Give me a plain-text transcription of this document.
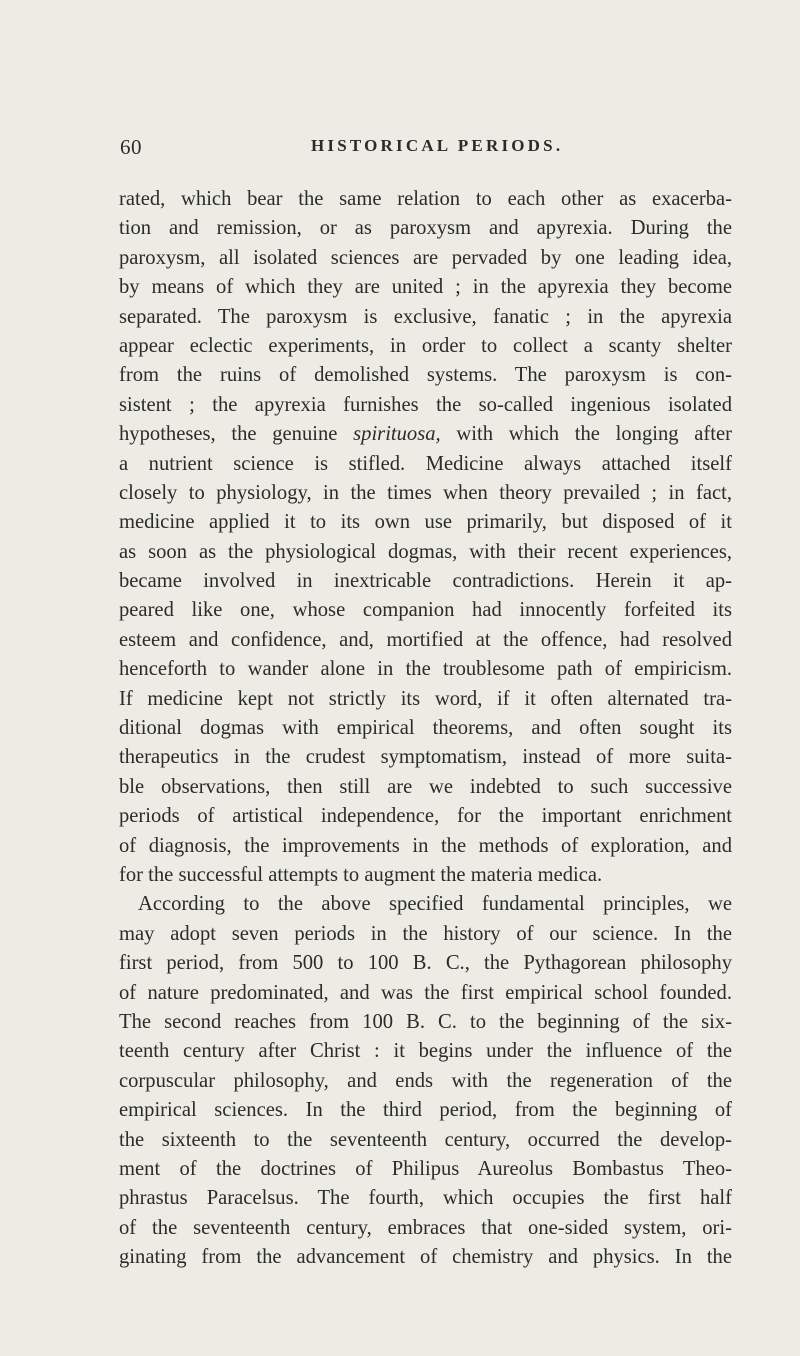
60	HISTORICAL PERIODS.
rated, which bear the same relation to each other as exacerba-
tion and remission, or as paroxysm and apyrexia. During the
paroxysm, all isolated sciences are pervaded by one leading idea,
by means of which they are united ; in the apyrexia they become
separated. The paroxysm is exclusive, fanatic ; in the apyrexia
appear eclectic experiments, in order to collect a scanty shelter
from the ruins of demolished systems. The paroxysm is con-
sistent ; the apyrexia furnishes the so-called ingenious isolated
hypotheses, the genuine spirituosa, with which the longing after
a nutrient science is stifled. Medicine always attached itself
closely to physiology, in the times when theory prevailed ; in fact,
medicine applied it to its own use primarily, but disposed of it
as soon as the physiological dogmas, with their recent experiences,
became involved in inextricable contradictions. Herein it ap-
peared like one, whose companion had innocently forfeited its
esteem and confidence, and, mortified at the offence, had resolved
henceforth to wander alone in the troublesome path of empiricism.
If medicine kept not strictly its word, if it often alternated tra-
ditional dogmas with empirical theorems, and often sought its
therapeutics in the crudest symptomatism, instead of more suita-
ble observations, then still are we indebted to such successive
periods of artistical independence, for the important enrichment
of diagnosis, the improvements in the methods of exploration, and
for the successful attempts to augment the materia medica.
According to the above specified fundamental principles, we
may adopt seven periods in the history of our science. In the
first period, from 500 to 100 B. C., the Pythagorean philosophy
of nature predominated, and was the first empirical school founded.
The second reaches from 100 B. C. to the beginning of the six-
teenth century after Christ : it begins under the influence of the
corpuscular philosophy, and ends with the regeneration of the
empirical sciences. In the third period, from the beginning of
the sixteenth to the seventeenth century, occurred the develop-
ment of the doctrines of Philipus Aureolus Bombastus Theo-
phrastus Paracelsus. The fourth, which occupies the first half
of the seventeenth century, embraces that one-sided system, ori-
ginating from the advancement of chemistry and physics. In the
